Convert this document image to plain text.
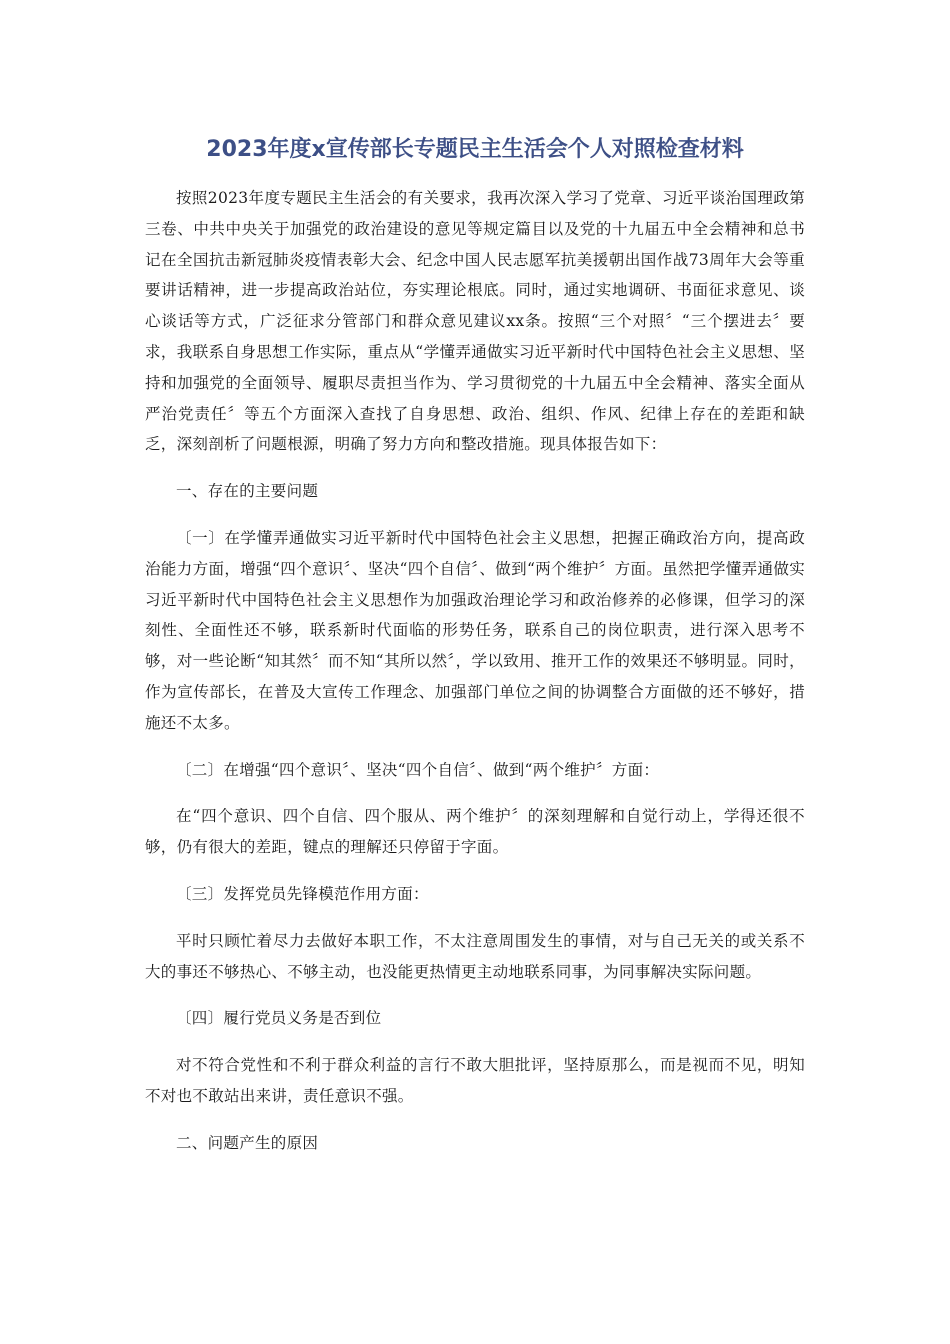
2023年度x宣传部长专题民主生活会个人对照检查材料

按照2023年度专题民主生活会的有关要求，我再次深入学习了党章、习近平谈治国理政第三卷、中共中央关于加强党的政治建设的意见等规定篇目以及党的十九届五中全会精神和总书记在全国抗击新冠肺炎疫情表彰大会、纪念中国人民志愿军抗美援朝出国作战73周年大会等重要讲话精神，进一步提高政治站位，夯实理论根底。同时，通过实地调研、书面征求意见、谈心谈话等方式，广泛征求分管部门和群众意见建议xx条。按照“三个对照〞“三个摆进去〞要求，我联系自身思想工作实际，重点从“学懂弄通做实习近平新时代中国特色社会主义思想、坚持和加强党的全面领导、履职尽责担当作为、学习贯彻党的十九届五中全会精神、落实全面从严治党责任〞等五个方面深入查找了自身思想、政治、组织、作风、纪律上存在的差距和缺乏，深刻剖析了问题根源，明确了努力方向和整改措施。现具体报告如下：

一、存在的主要问题

〔一〕在学懂弄通做实习近平新时代中国特色社会主义思想，把握正确政治方向，提高政治能力方面，增强“四个意识〞、坚决“四个自信〞、做到“两个维护〞方面。虽然把学懂弄通做实习近平新时代中国特色社会主义思想作为加强政治理论学习和政治修养的必修课，但学习的深刻性、全面性还不够，联系新时代面临的形势任务，联系自己的岗位职责，进行深入思考不够，对一些论断“知其然〞而不知“其所以然〞，学以致用、推开工作的效果还不够明显。同时，作为宣传部长，在普及大宣传工作理念、加强部门单位之间的协调整合方面做的还不够好，措施还不太多。

〔二〕在增强“四个意识〞、坚决“四个自信〞、做到“两个维护〞方面：

在“四个意识、四个自信、四个服从、两个维护〞的深刻理解和自觉行动上，学得还很不够，仍有很大的差距，键点的理解还只停留于字面。

〔三〕发挥党员先锋模范作用方面：

平时只顾忙着尽力去做好本职工作，不太注意周围发生的事情，对与自己无关的或关系不大的事还不够热心、不够主动，也没能更热情更主动地联系同事，为同事解决实际问题。

〔四〕履行党员义务是否到位

对不符合党性和不利于群众利益的言行不敢大胆批评，坚持原那么，而是视而不见，明知不对也不敢站出来讲，责任意识不强。

二、问题产生的原因
